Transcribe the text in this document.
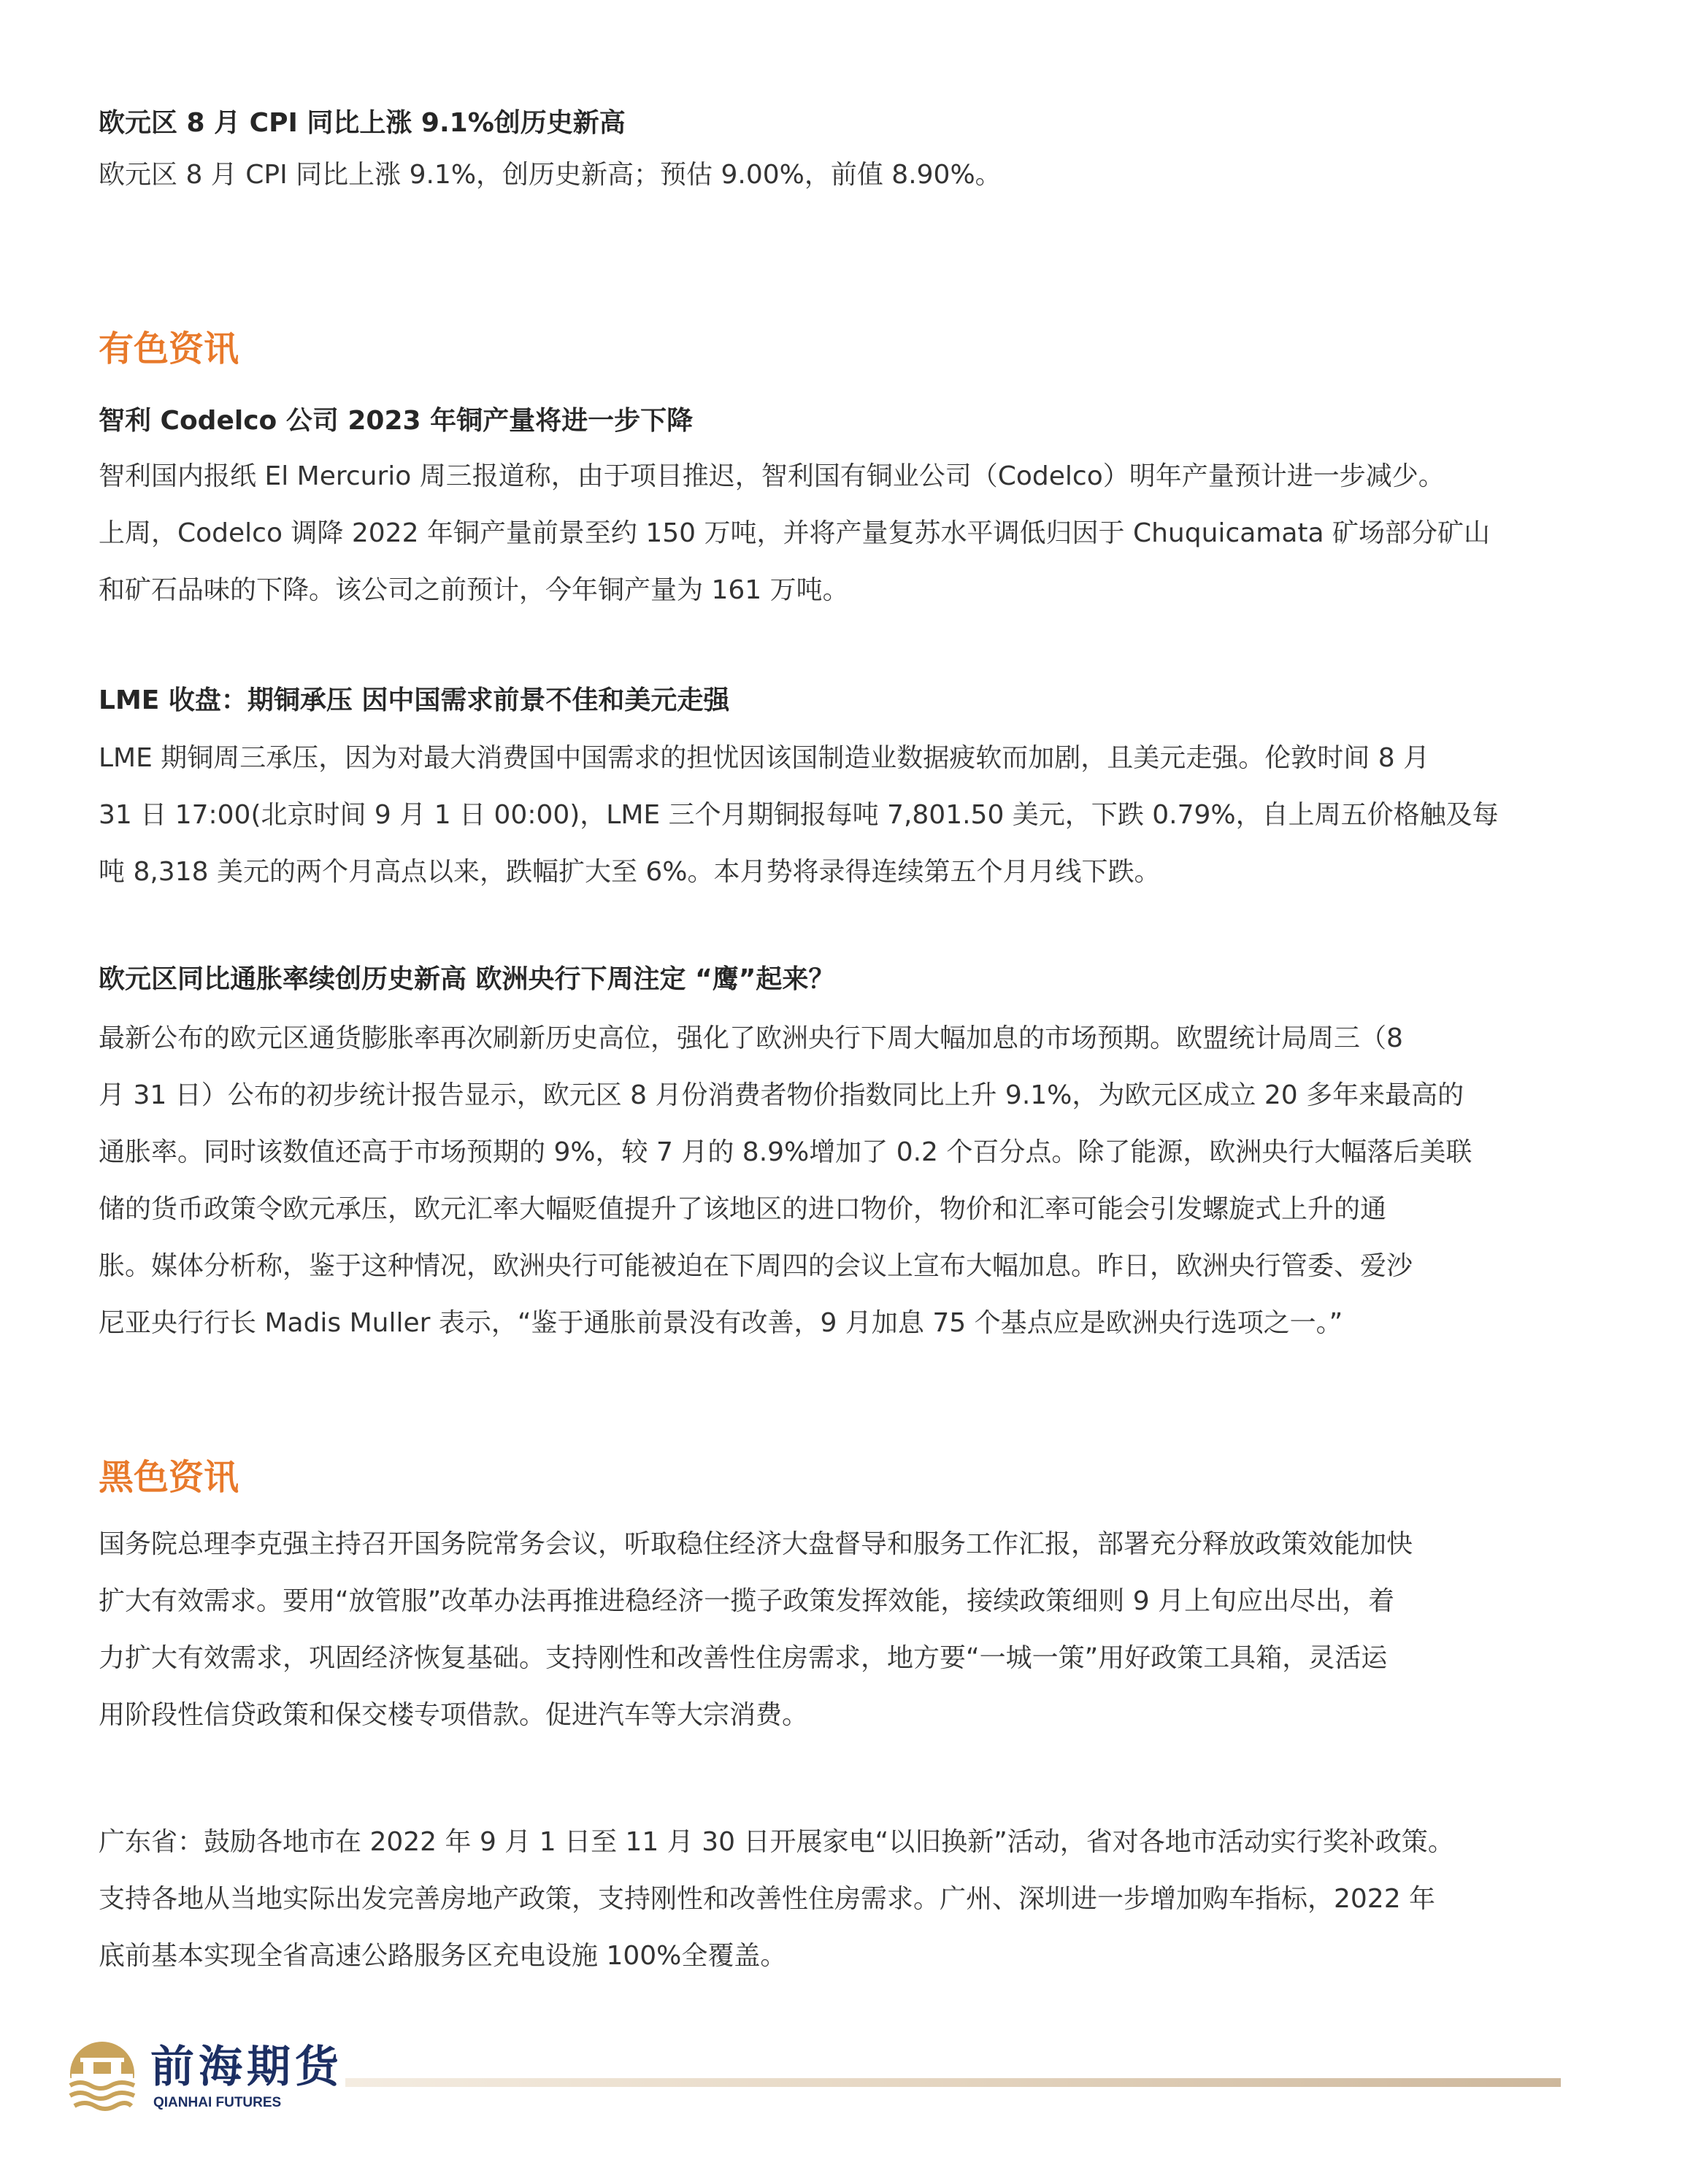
欧元区 8 月 CPI 同比上涨 9.1%创历史新高

欧元区 8 月 CPI 同比上涨 9.1%，创历史新高；预估 9.00%，前值 8.90%。

有色资讯

智利 Codelco 公司 2023 年铜产量将进一步下降

智利国内报纸 El Mercurio 周三报道称，由于项目推迟，智利国有铜业公司（Codelco）明年产量预计进一步减少。

上周，Codelco 调降 2022 年铜产量前景至约 150 万吨，并将产量复苏水平调低归因于 Chuquicamata 矿场部分矿山

和矿石品味的下降。该公司之前预计，今年铜产量为 161 万吨。

LME 收盘：期铜承压 因中国需求前景不佳和美元走强

LME 期铜周三承压，因为对最大消费国中国需求的担忧因该国制造业数据疲软而加剧，且美元走强。伦敦时间 8 月

31 日 17:00(北京时间 9 月 1 日 00:00)，LME 三个月期铜报每吨 7,801.50 美元，下跌 0.79%，自上周五价格触及每

吨 8,318 美元的两个月高点以来，跌幅扩大至 6%。本月势将录得连续第五个月月线下跌。

欧元区同比通胀率续创历史新高 欧洲央行下周注定 “鹰”起来？

最新公布的欧元区通货膨胀率再次刷新历史高位，强化了欧洲央行下周大幅加息的市场预期。欧盟统计局周三（8

月 31 日）公布的初步统计报告显示，欧元区 8 月份消费者物价指数同比上升 9.1%，为欧元区成立 20 多年来最高的

通胀率。同时该数值还高于市场预期的 9%，较 7 月的 8.9%增加了 0.2 个百分点。除了能源，欧洲央行大幅落后美联

储的货币政策令欧元承压，欧元汇率大幅贬值提升了该地区的进口物价，物价和汇率可能会引发螺旋式上升的通

胀。媒体分析称，鉴于这种情况，欧洲央行可能被迫在下周四的会议上宣布大幅加息。昨日，欧洲央行管委、爱沙

尼亚央行行长 Madis Muller 表示，“鉴于通胀前景没有改善，9 月加息 75 个基点应是欧洲央行选项之一。”

黑色资讯

国务院总理李克强主持召开国务院常务会议，听取稳住经济大盘督导和服务工作汇报，部署充分释放政策效能加快

扩大有效需求。要用“放管服”改革办法再推进稳经济一揽子政策发挥效能，接续政策细则 9 月上旬应出尽出，着

力扩大有效需求，巩固经济恢复基础。支持刚性和改善性住房需求，地方要“一城一策”用好政策工具箱，灵活运

用阶段性信贷政策和保交楼专项借款。促进汽车等大宗消费。

广东省：鼓励各地市在 2022 年 9 月 1 日至 11 月 30 日开展家电“以旧换新”活动，省对各地市活动实行奖补政策。

支持各地从当地实际出发完善房地产政策，支持刚性和改善性住房需求。广州、深圳进一步增加购车指标，2022 年

底前基本实现全省高速公路服务区充电设施 100%全覆盖。

前海期货
QIANHAI FUTURES
